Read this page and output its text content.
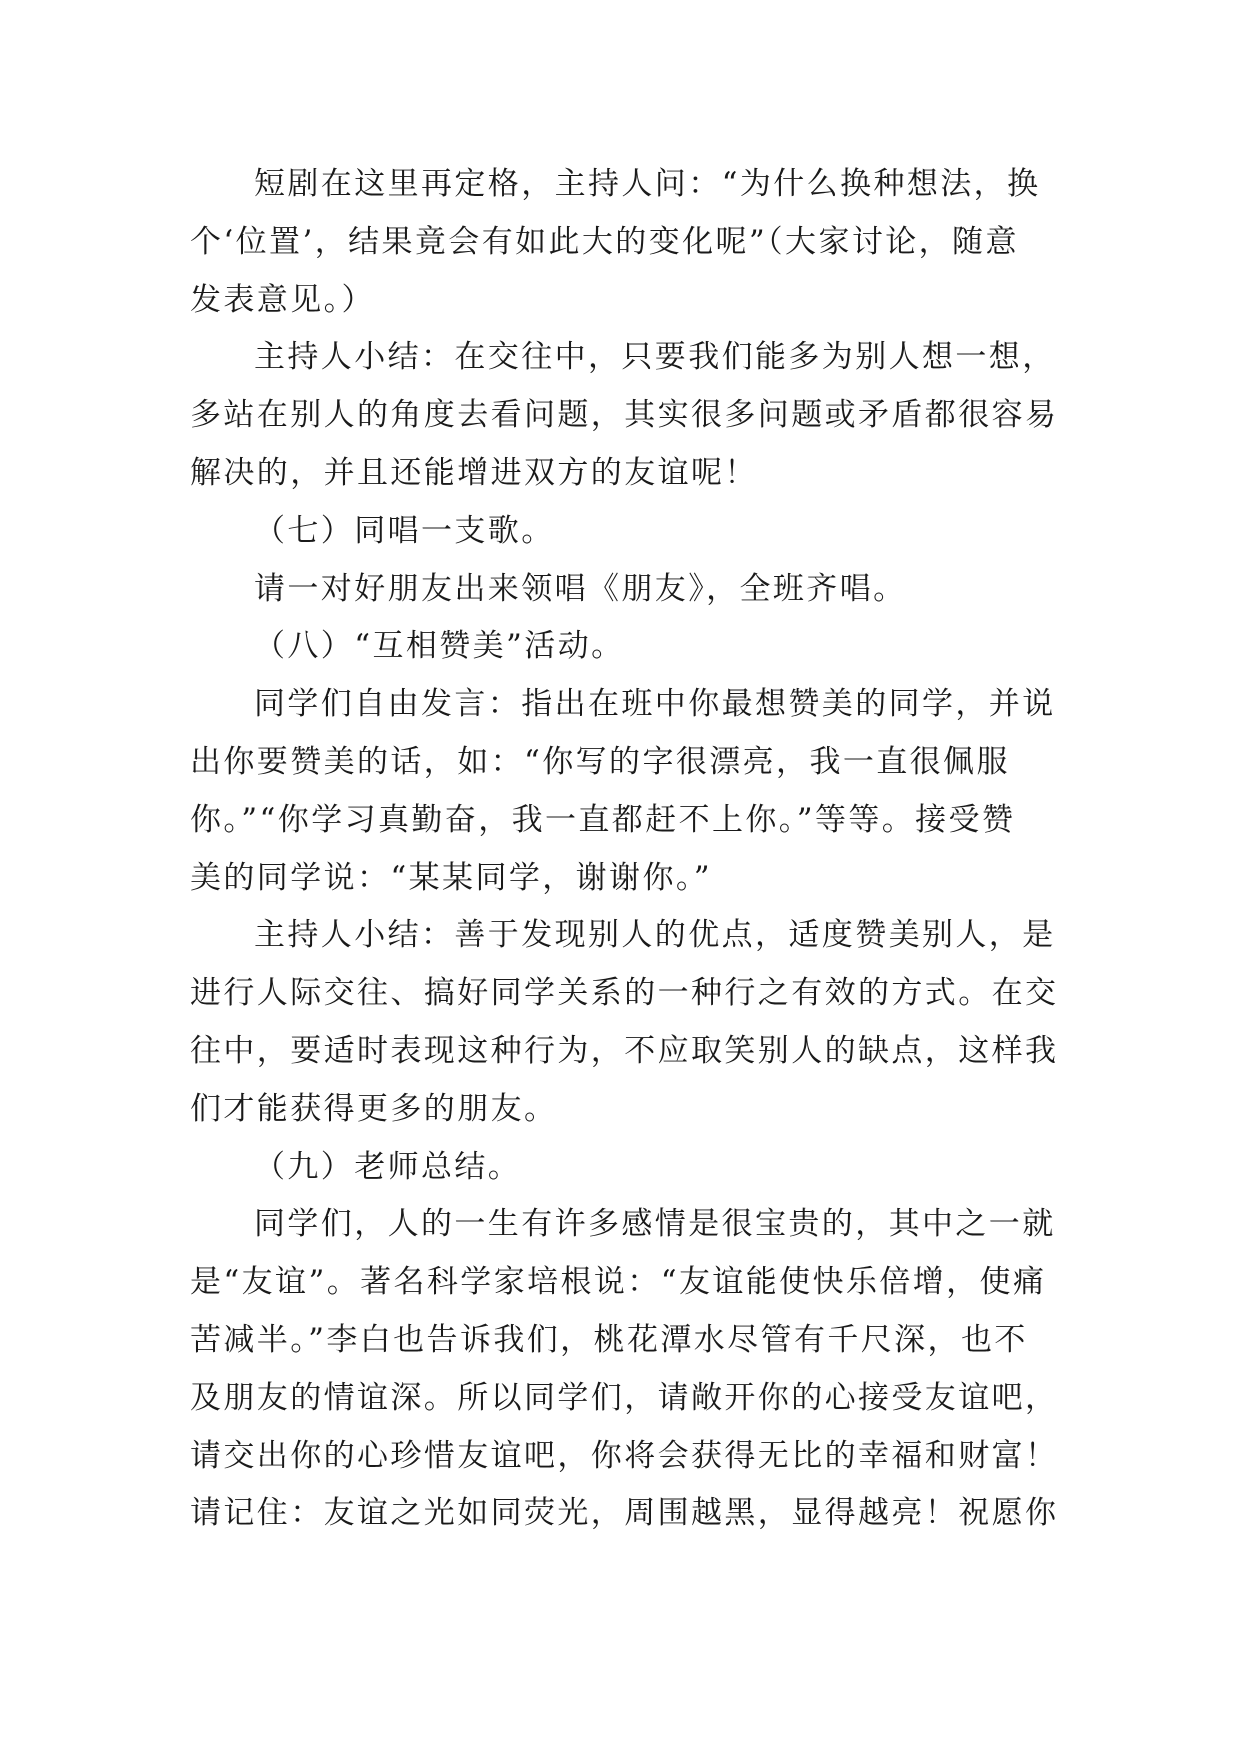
短剧在这里再定格，主持人问：“为什么换种想法，换
个‘位置’，结果竟会有如此大的变化呢”（大家讨论，随意
发表意见。）
主持人小结：在交往中，只要我们能多为别人想一想，
多站在别人的角度去看问题，其实很多问题或矛盾都很容易
解决的，并且还能增进双方的友谊呢！
（七）同唱一支歌。
请一对好朋友出来领唱《朋友》，全班齐唱。
（八）“互相赞美”活动。
同学们自由发言：指出在班中你最想赞美的同学，并说
出你要赞美的话，如：“你写的字很漂亮，我一直很佩服
你。”“你学习真勤奋，我一直都赶不上你。”等等。接受赞
美的同学说：“某某同学，谢谢你。”
主持人小结：善于发现别人的优点，适度赞美别人，是
进行人际交往、搞好同学关系的一种行之有效的方式。在交
往中，要适时表现这种行为，不应取笑别人的缺点，这样我
们才能获得更多的朋友。
（九）老师总结。
同学们，人的一生有许多感情是很宝贵的，其中之一就
是“友谊”。著名科学家培根说：“友谊能使快乐倍增，使痛
苦减半。”李白也告诉我们，桃花潭水尽管有千尺深，也不
及朋友的情谊深。所以同学们，请敞开你的心接受友谊吧，
请交出你的心珍惜友谊吧，你将会获得无比的幸福和财富！
请记住：友谊之光如同荧光，周围越黑，显得越亮！祝愿你
